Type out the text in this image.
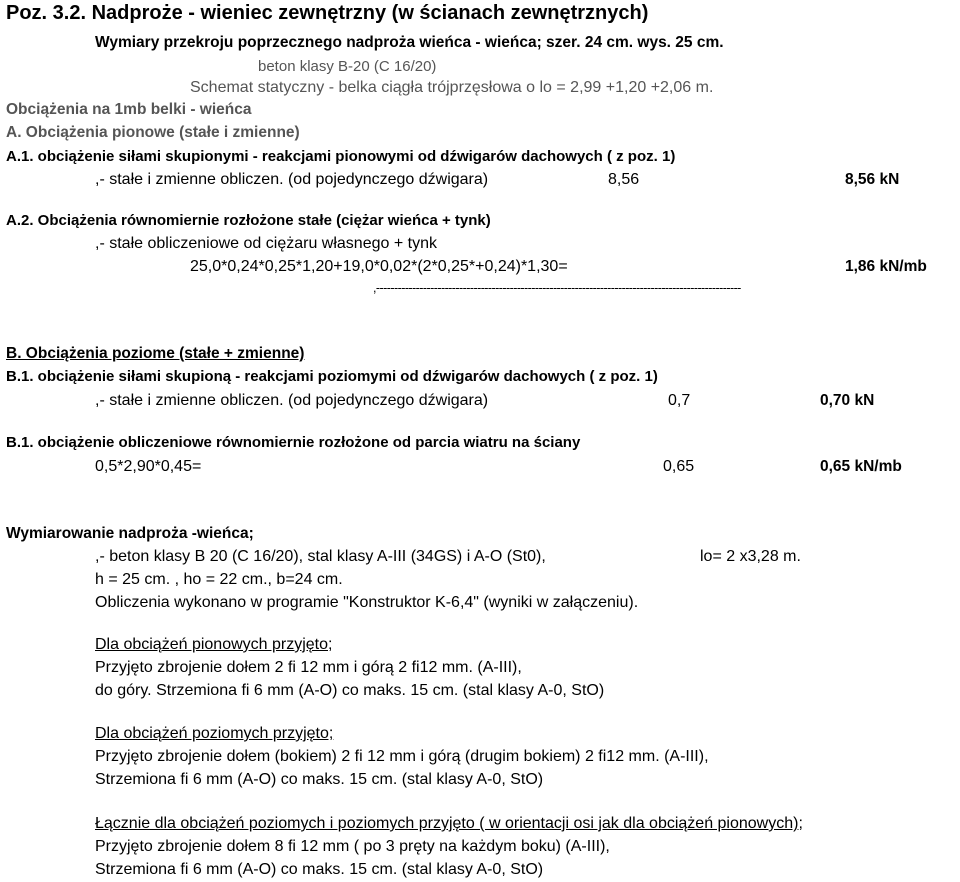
Poz. 3.2. Nadproże - wieniec zewnętrzny (w ścianach zewnętrznych)
Wymiary przekroju poprzecznego nadproża wieńca - wieńca; szer. 24 cm. wys. 25 cm.
beton klasy B-20 (C 16/20)
Schemat statyczny - belka ciągła trójprzęsłowa o lo = 2,99 +1,20 +2,06 m.
Obciążenia na 1mb belki - wieńca
A. Obciążenia pionowe (stałe i zmienne)
A.1. obciążenie siłami skupionymi - reakcjami pionowymi od dźwigarów dachowych ( z poz. 1)
,- stałe i zmienne obliczen. (od pojedynczego dźwigara)	8,56	8,56 kN
A.2. Obciążenia równomiernie rozłożone stałe (ciężar wieńca + tynk)
,- stałe obliczeniowe od ciężaru własnego + tynk
25,0*0,24*0,25*1,20+19,0*0,02*(2*0,25*+0,24)*1,30=	1,86 kN/mb
,-----------------------------------------------------------------------------------------------------
B. Obciążenia poziome (stałe + zmienne)
B.1. obciążenie siłami skupioną - reakcjami poziomymi od dźwigarów dachowych ( z poz. 1)
,- stałe i zmienne obliczen. (od pojedynczego dźwigara)	0,7	0,70 kN
B.1. obciążenie obliczeniowe równomiernie rozłożone od parcia wiatru na ściany
0,5*2,90*0,45=	0,65	0,65 kN/mb
Wymiarowanie nadproża -wieńca;
,- beton klasy B 20 (C 16/20), stal klasy A-III (34GS) i A-O (St0),	lo= 2 x3,28 m.
h = 25 cm. , ho = 22 cm., b=24 cm.
Obliczenia wykonano w programie "Konstruktor K-6,4" (wyniki w załączeniu).
Dla obciążeń pionowych przyjęto;
Przyjęto zbrojenie dołem 2 fi 12 mm i górą 2 fi12 mm. (A-III),
do góry. Strzemiona fi 6 mm (A-O) co maks. 15 cm. (stal klasy A-0, StO)
Dla obciążeń poziomych przyjęto;
Przyjęto zbrojenie dołem (bokiem) 2 fi 12 mm i górą (drugim bokiem) 2 fi12 mm. (A-III),
Strzemiona fi 6 mm (A-O) co maks. 15 cm. (stal klasy A-0, StO)
Łącznie dla obciążeń poziomych i poziomych przyjęto ( w orientacji osi jak dla obciążeń pionowych);
Przyjęto zbrojenie dołem 8 fi 12 mm ( po 3 pręty na każdym boku) (A-III),
Strzemiona fi 6 mm (A-O) co maks. 15 cm. (stal klasy A-0, StO)
